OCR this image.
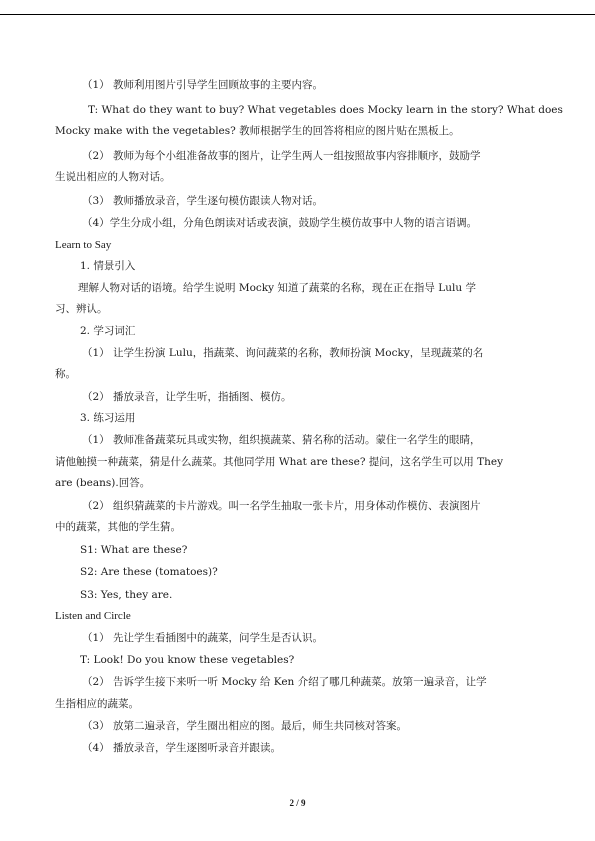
（1） 教师利用图片引导学生回顾故事的主要内容。
T: What do they want to buy? What vegetables does Mocky learn in the story? What does
Mocky make with the vegetables? 教师根据学生的回答将相应的图片贴在黑板上。
（2） 教师为每个小组准备故事的图片，让学生两人一组按照故事内容排顺序，鼓励学
生说出相应的人物对话。
（3） 教师播放录音，学生逐句模仿跟读人物对话。
（4）学生分成小组，分角色朗读对话或表演，鼓励学生模仿故事中人物的语言语调。
Learn to Say
1. 情景引入
理解人物对话的语境。给学生说明 Mocky 知道了蔬菜的名称，现在正在指导 Lulu 学
习、辨认。
2. 学习词汇
（1） 让学生扮演 Lulu，指蔬菜、询问蔬菜的名称，教师扮演 Mocky，呈现蔬菜的名
称。
（2） 播放录音，让学生听，指插图、模仿。
3. 练习运用
（1） 教师准备蔬菜玩具或实物，组织摸蔬菜、猜名称的活动。蒙住一名学生的眼睛，
请他触摸一种蔬菜，猜是什么蔬菜。其他同学用 What are these? 提问，这名学生可以用 They
are (beans).回答。
（2） 组织猜蔬菜的卡片游戏。叫一名学生抽取一张卡片，用身体动作模仿、表演图片
中的蔬菜，其他的学生猜。
S1: What are these?
S2: Are these (tomatoes)?
S3: Yes, they are.
Listen and Circle
（1） 先让学生看插图中的蔬菜，问学生是否认识。
T: Look! Do you know these vegetables?
（2） 告诉学生接下来听一听 Mocky 给 Ken 介绍了哪几种蔬菜。放第一遍录音，让学
生指相应的蔬菜。
（3） 放第二遍录音，学生圈出相应的图。最后，师生共同核对答案。
（4） 播放录音，学生逐图听录音并跟读。
2 / 9
